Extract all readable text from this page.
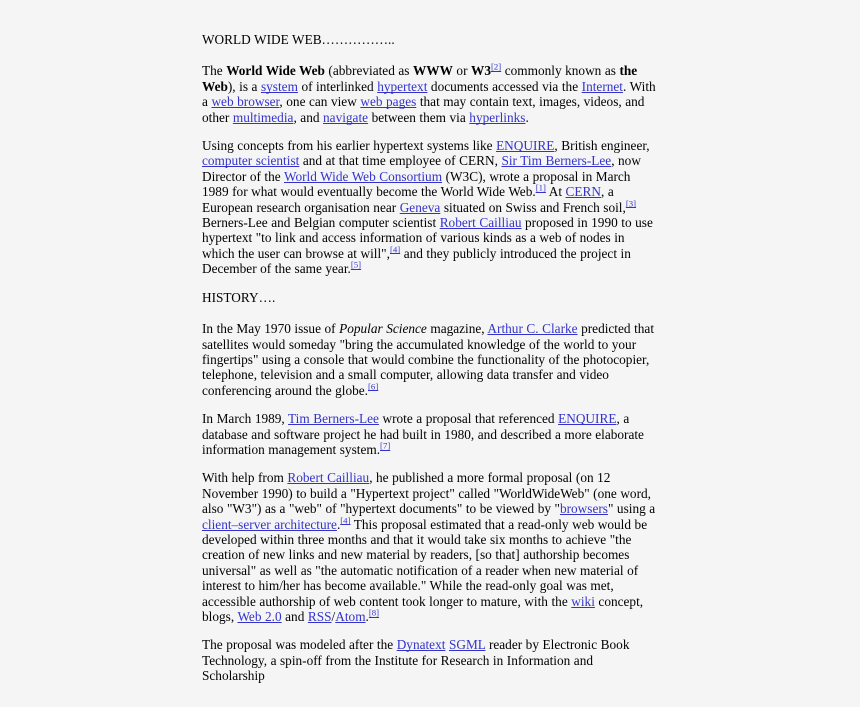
WORLD WIDE WEB……………..

The World Wide Web (abbreviated as WWW or W3[2] commonly known as the Web), is a system of interlinked hypertext documents accessed via the Internet. With a web browser, one can view web pages that may contain text, images, videos, and other multimedia, and navigate between them via hyperlinks.

Using concepts from his earlier hypertext systems like ENQUIRE, British engineer, computer scientist and at that time employee of CERN, Sir Tim Berners-Lee, now Director of the World Wide Web Consortium (W3C), wrote a proposal in March 1989 for what would eventually become the World Wide Web.[1] At CERN, a European research organisation near Geneva situated on Swiss and French soil,[3] Berners-Lee and Belgian computer scientist Robert Cailliau proposed in 1990 to use hypertext "to link and access information of various kinds as a web of nodes in which the user can browse at will",[4] and they publicly introduced the project in December of the same year.[5]

HISTORY….

In the May 1970 issue of Popular Science magazine, Arthur C. Clarke predicted that satellites would someday "bring the accumulated knowledge of the world to your fingertips" using a console that would combine the functionality of the photocopier, telephone, television and a small computer, allowing data transfer and video conferencing around the globe.[6]

In March 1989, Tim Berners-Lee wrote a proposal that referenced ENQUIRE, a database and software project he had built in 1980, and described a more elaborate information management system.[7]

With help from Robert Cailliau, he published a more formal proposal (on 12 November 1990) to build a "Hypertext project" called "WorldWideWeb" (one word, also "W3") as a "web" of "hypertext documents" to be viewed by "browsers" using a client–server architecture.[4] This proposal estimated that a read-only web would be developed within three months and that it would take six months to achieve "the creation of new links and new material by readers, [so that] authorship becomes universal" as well as "the automatic notification of a reader when new material of interest to him/her has become available." While the read-only goal was met, accessible authorship of web content took longer to mature, with the wiki concept, blogs, Web 2.0 and RSS/Atom.[8]

The proposal was modeled after the Dynatext SGML reader by Electronic Book Technology, a spin-off from the Institute for Research in Information and Scholarship
